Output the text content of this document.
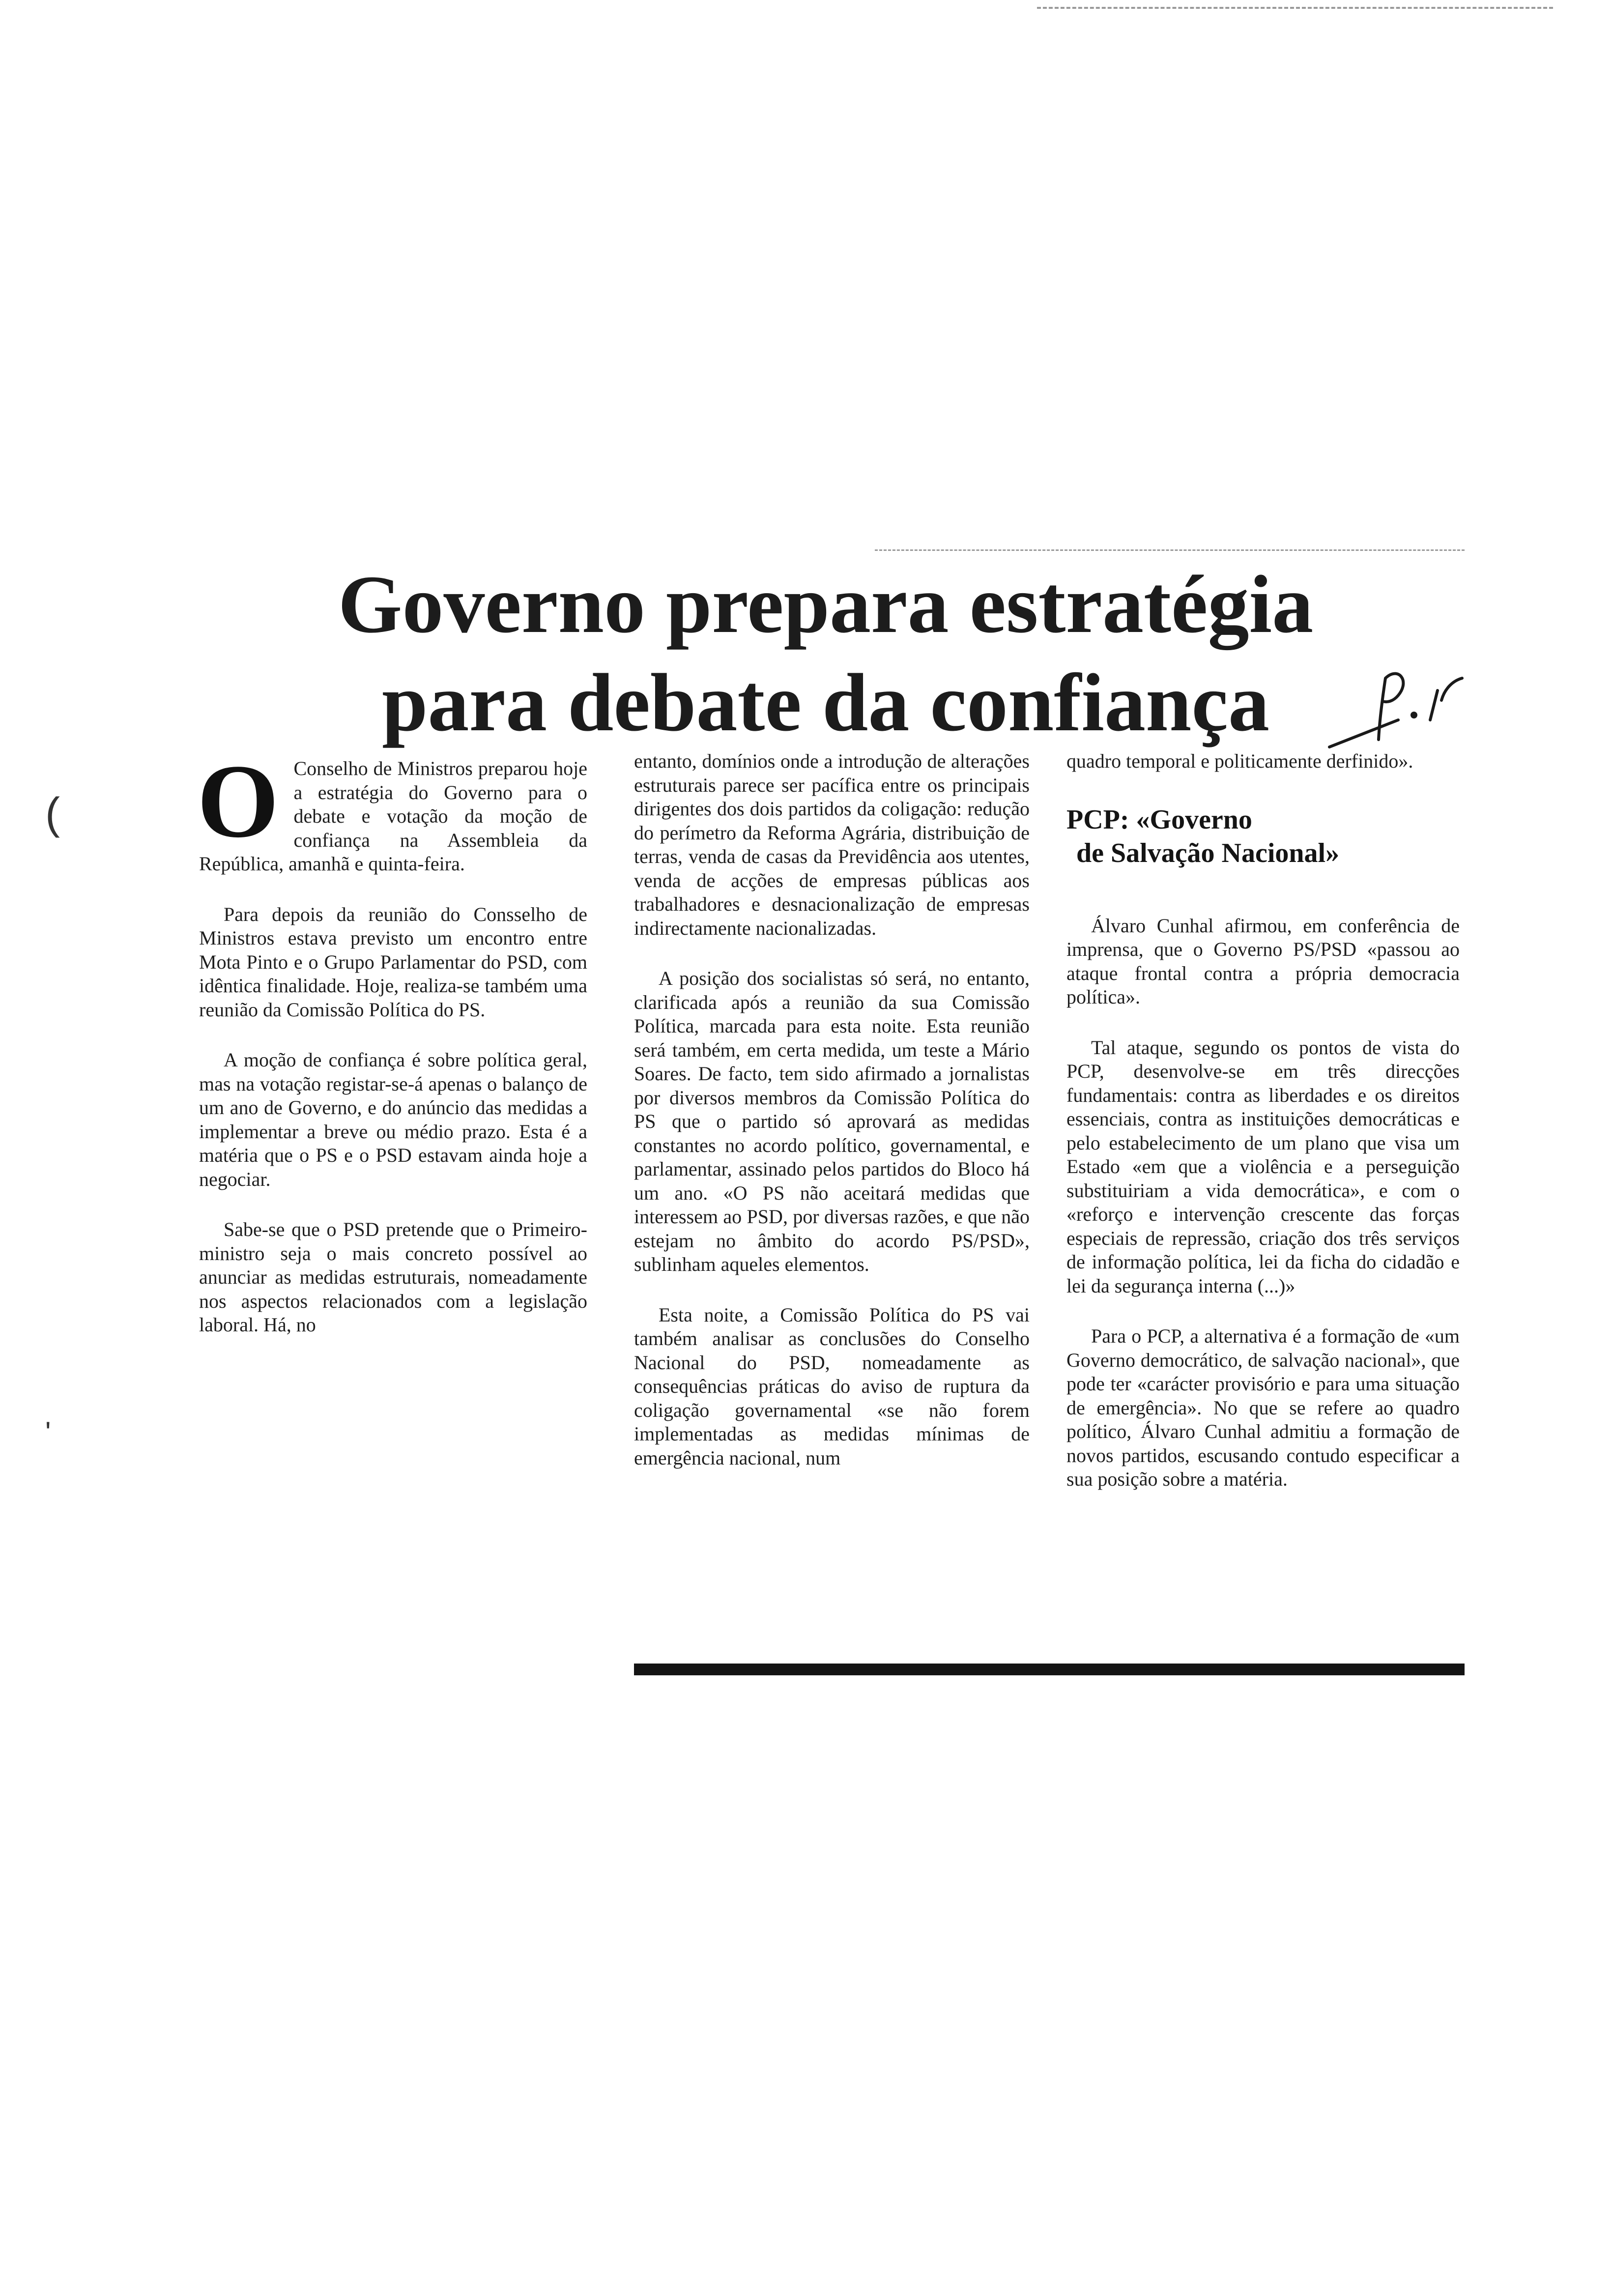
(
'
Governo prepara estratégia
para debate da confiança

O Conselho de Ministros preparou hoje a estratégia do Governo para o debate e votação da moção de confiança na Assembleia da República, amanhã e quinta-feira.

Para depois da reunião do Consselho de Ministros estava previsto um encontro entre Mota Pinto e o Grupo Parlamentar do PSD, com idêntica finalidade. Hoje, realiza-se também uma reunião da Comissão Política do PS.

A moção de confiança é sobre política geral, mas na votação registar-se-á apenas o balanço de um ano de Governo, e do anúncio das medidas a implementar a breve ou médio prazo. Esta é a matéria que o PS e o PSD estavam ainda hoje a negociar.

Sabe-se que o PSD pretende que o Primeiro-ministro seja o mais concreto possível ao anunciar as medidas estruturais, nomeadamente nos aspectos relacionados com a legislação laboral. Há, no

entanto, domínios onde a introdução de alterações estruturais parece ser pacífica entre os principais dirigentes dos dois partidos da coligação: redução do perímetro da Reforma Agrária, distribuição de terras, venda de casas da Previdência aos utentes, venda de acções de empresas públicas aos trabalhadores e desnacionalização de empresas indirectamente nacionalizadas.

A posição dos socialistas só será, no entanto, clarificada após a reunião da sua Comissão Política, marcada para esta noite. Esta reunião será também, em certa medida, um teste a Mário Soares. De facto, tem sido afirmado a jornalistas por diversos membros da Comissão Política do PS que o partido só aprovará as medidas constantes no acordo político, governamental, e parlamentar, assinado pelos partidos do Bloco há um ano. «O PS não aceitará medidas que interessem ao PSD, por diversas razões, e que não estejam no âmbito do acordo PS/PSD», sublinham aqueles elementos.

Esta noite, a Comissão Política do PS vai também analisar as conclusões do Conselho Nacional do PSD, nomeadamente as consequências práticas do aviso de ruptura da coligação governamental «se não forem implementadas as medidas mínimas de emergência nacional, num

quadro temporal e politicamente derfinido».

PCP: «Governo
de Salvação Nacional»

Álvaro Cunhal afirmou, em conferência de imprensa, que o Governo PS/PSD «passou ao ataque frontal contra a própria democracia política».

Tal ataque, segundo os pontos de vista do PCP, desenvolve-se em três direcções fundamentais: contra as liberdades e os direitos essenciais, contra as instituições democráticas e pelo estabelecimento de um plano que visa um Estado «em que a violência e a perseguição substituiriam a vida democrática», e com o «reforço e intervenção crescente das forças especiais de repressão, criação dos três serviços de informação política, lei da ficha do cidadão e lei da segurança interna (...)»

Para o PCP, a alternativa é a formação de «um Governo democrático, de salvação nacional», que pode ter «carácter provisório e para uma situação de emergência». No que se refere ao quadro político, Álvaro Cunhal admitiu a formação de novos partidos, escusando contudo especificar a sua posição sobre a matéria.
